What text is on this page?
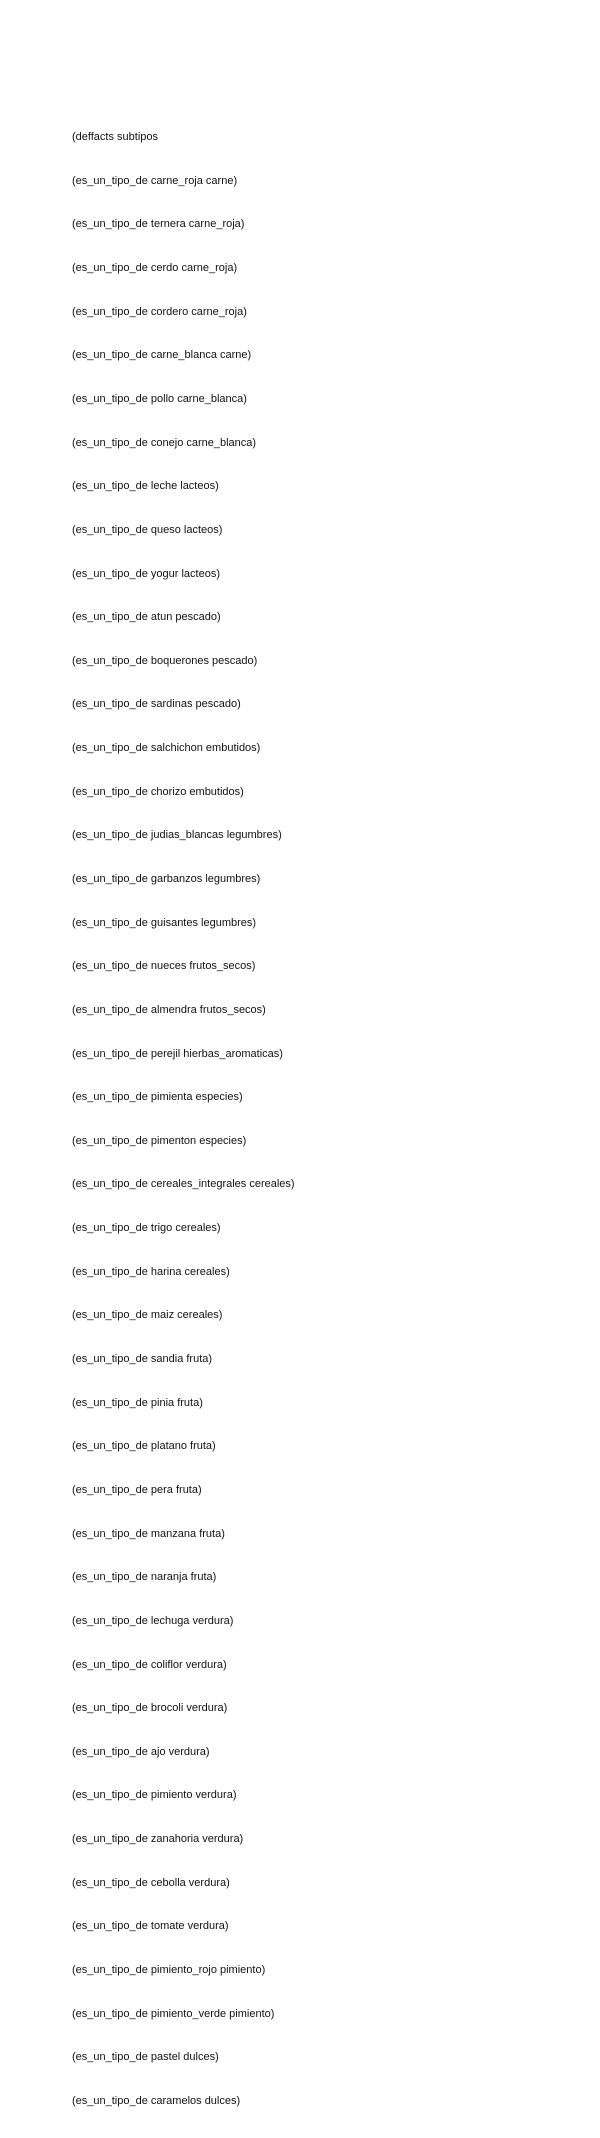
(deffacts subtipos

(es_un_tipo_de carne_roja carne)

(es_un_tipo_de ternera carne_roja)

(es_un_tipo_de cerdo carne_roja)

(es_un_tipo_de cordero carne_roja)

(es_un_tipo_de carne_blanca carne)

(es_un_tipo_de pollo carne_blanca)

(es_un_tipo_de conejo carne_blanca)

(es_un_tipo_de leche lacteos)

(es_un_tipo_de queso lacteos)

(es_un_tipo_de yogur lacteos)

(es_un_tipo_de atun pescado)

(es_un_tipo_de boquerones pescado)

(es_un_tipo_de sardinas pescado)

(es_un_tipo_de salchichon embutidos)

(es_un_tipo_de chorizo embutidos)

(es_un_tipo_de judias_blancas legumbres)

(es_un_tipo_de garbanzos legumbres)

(es_un_tipo_de guisantes legumbres)

(es_un_tipo_de nueces frutos_secos)

(es_un_tipo_de almendra frutos_secos)

(es_un_tipo_de perejil hierbas_aromaticas)

(es_un_tipo_de pimienta especies)

(es_un_tipo_de pimenton especies)

(es_un_tipo_de cereales_integrales cereales)

(es_un_tipo_de trigo cereales)

(es_un_tipo_de harina cereales)

(es_un_tipo_de maiz cereales)

(es_un_tipo_de sandia fruta)

(es_un_tipo_de pinia fruta)

(es_un_tipo_de platano fruta)

(es_un_tipo_de pera fruta)

(es_un_tipo_de manzana fruta)

(es_un_tipo_de naranja fruta)

(es_un_tipo_de lechuga verdura)

(es_un_tipo_de coliflor verdura)

(es_un_tipo_de brocoli verdura)

(es_un_tipo_de ajo verdura)

(es_un_tipo_de pimiento verdura)

(es_un_tipo_de zanahoria verdura)

(es_un_tipo_de cebolla verdura)

(es_un_tipo_de tomate verdura)

(es_un_tipo_de pimiento_rojo pimiento)

(es_un_tipo_de pimiento_verde pimiento)

(es_un_tipo_de pastel dulces)

(es_un_tipo_de caramelos dulces)
